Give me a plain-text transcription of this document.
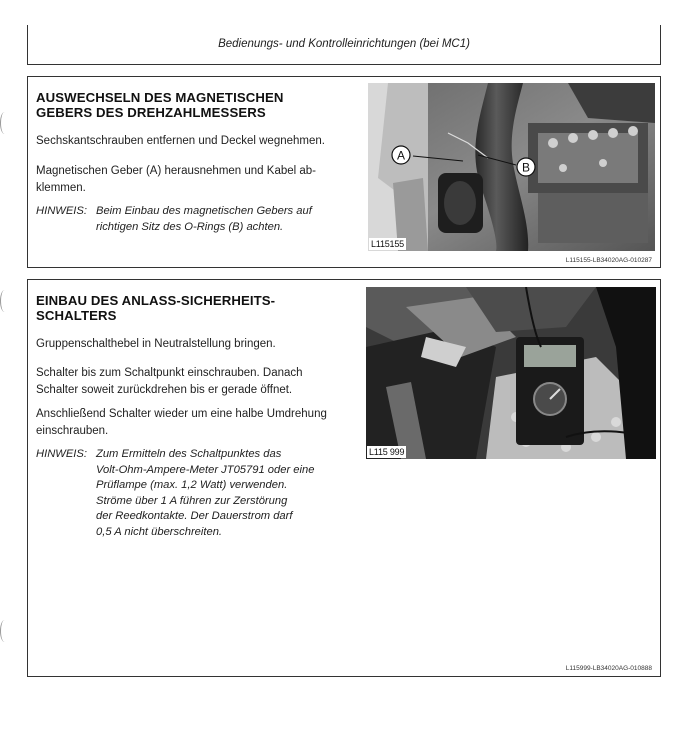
Bedienungs- und Kontrolleinrichtungen (bei MC1)
AUSWECHSELN DES MAGNETISCHEN
GEBERS DES DREHZAHLMESSERS
Sechskantschrauben entfernen und Deckel wegnehmen.
Magnetischen Geber (A) herausnehmen und Kabel ab-
klemmen.
HINWEIS: Beim Einbau des magnetischen Gebers auf
richtigen Sitz des O-Rings (B) achten.
A
B
L115155
L115155-LB34020AG-010287
EINBAU DES ANLASS-SICHERHEITS-
SCHALTERS
Gruppenschalthebel in Neutralstellung bringen.
Schalter bis zum Schaltpunkt einschrauben. Danach
Schalter soweit zurückdrehen bis er gerade öffnet.
Anschließend Schalter wieder um eine halbe Umdrehung
einschrauben.
HINWEIS: Zum Ermitteln des Schaltpunktes das
Volt-Ohm-Ampere-Meter JT05791 oder eine
Prüflampe (max. 1,2 Watt) verwenden.
Ströme über 1 A führen zur Zerstörung
der Reedkontakte. Der Dauerstrom darf
0,5 A nicht überschreiten.
L115 999
L115999-LB34020AG-010888
